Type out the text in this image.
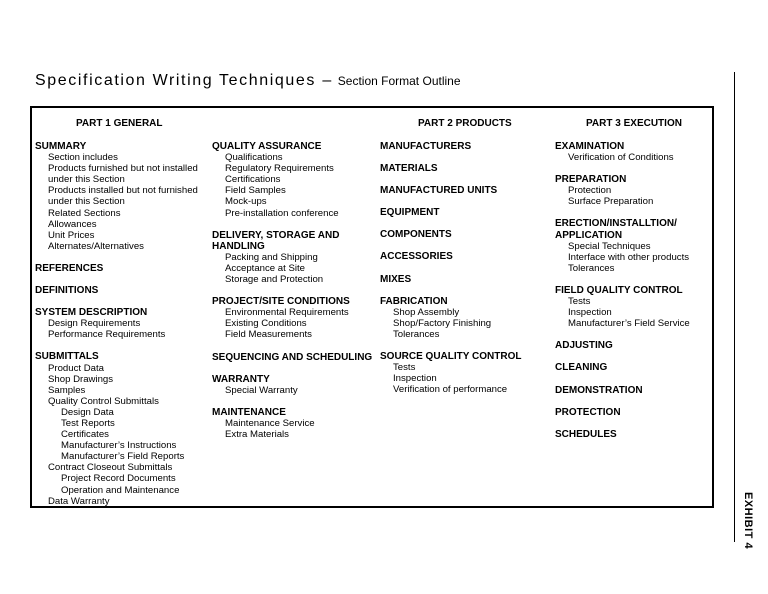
Specification Writing Techniques – Section Format Outline
PART 1 GENERAL	PART 2 PRODUCTS	PART 3 EXECUTION
SUMMARY
Section includes
Products furnished but not installed under this Section
Products installed but not furnished under this Section
Related Sections
Allowances
Unit Prices
Alternates/Alternatives
REFERENCES
DEFINITIONS
SYSTEM DESCRIPTION
Design Requirements
Performance Requirements
SUBMITTALS
Product Data
Shop Drawings
Samples
Quality Control Submittals
Design Data
Test Reports
Certificates
Manufacturer’s Instructions
Manufacturer’s Field Reports
Contract Closeout Submittals
Project Record Documents
Operation and Maintenance
Data Warranty
QUALITY ASSURANCE
Qualifications
Regulatory Requirements
Certifications
Field Samples
Mock-ups
Pre-installation conference
DELIVERY, STORAGE AND HANDLING
Packing and Shipping
Acceptance at Site
Storage and Protection
PROJECT/SITE CONDITIONS
Environmental Requirements
Existing Conditions
Field Measurements
SEQUENCING AND SCHEDULING
WARRANTY
Special Warranty
MAINTENANCE
Maintenance Service
Extra Materials
MANUFACTURERS
MATERIALS
MANUFACTURED UNITS
EQUIPMENT
COMPONENTS
ACCESSORIES
MIXES
FABRICATION
Shop Assembly
Shop/Factory Finishing
Tolerances
SOURCE QUALITY CONTROL
Tests
Inspection
Verification of performance
EXAMINATION
Verification of Conditions
PREPARATION
Protection
Surface Preparation
ERECTION/INSTALLTION/ APPLICATION
Special Techniques
Interface with other products
Tolerances
FIELD QUALITY CONTROL
Tests
Inspection
Manufacturer’s Field Service
ADJUSTING
CLEANING
DEMONSTRATION
PROTECTION
SCHEDULES
EXHIBIT 4
